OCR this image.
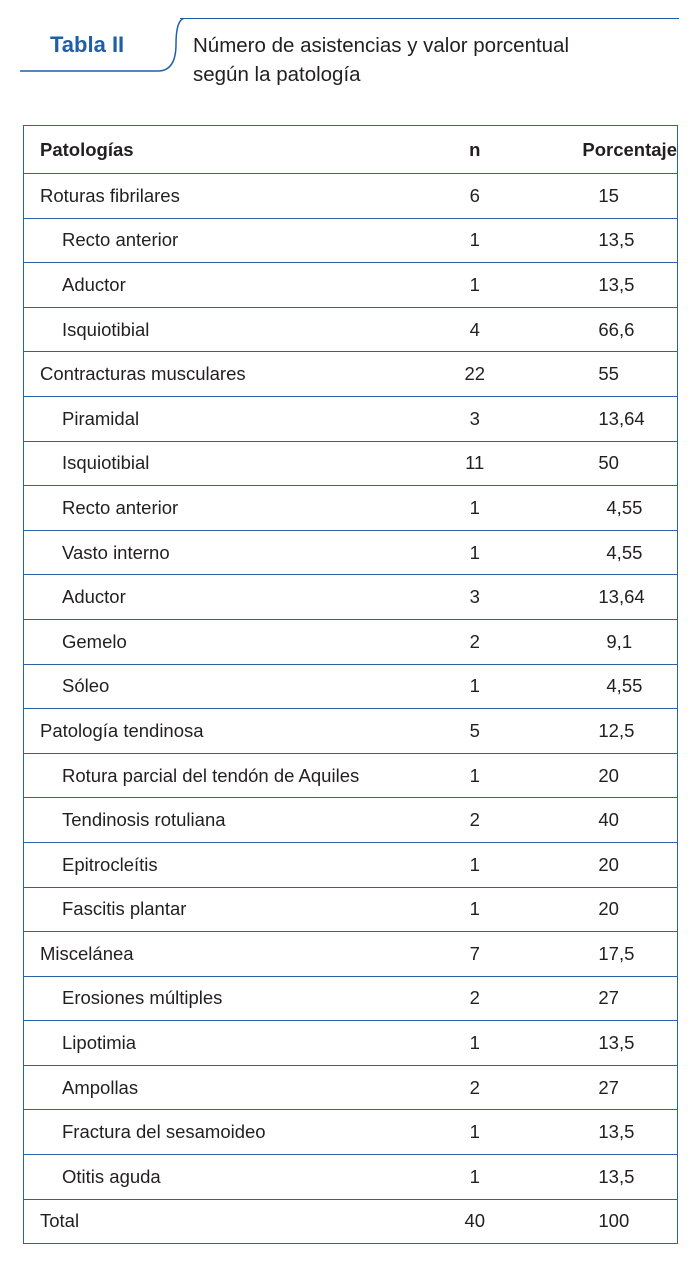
Tabla II	Número de asistencias y valor porcentual
según la patología
Patologías	n	Porcentaje
Roturas fibrilares	6	15
Recto anterior	1	13,5
Aductor	1	13,5
Isquiotibial	4	66,6
Contracturas musculares	22	55
Piramidal	3	13,64
Isquiotibial	11	50
Recto anterior	1	4,55
Vasto interno	1	4,55
Aductor	3	13,64
Gemelo	2	9,1
Sóleo	1	4,55
Patología tendinosa	5	12,5
Rotura parcial del tendón de Aquiles	1	20
Tendinosis rotuliana	2	40
Epitrocleítis	1	20
Fascitis plantar	1	20
Miscelánea	7	17,5
Erosiones múltiples	2	27
Lipotimia	1	13,5
Ampollas	2	27
Fractura del sesamoideo	1	13,5
Otitis aguda	1	13,5
Total	40	100
